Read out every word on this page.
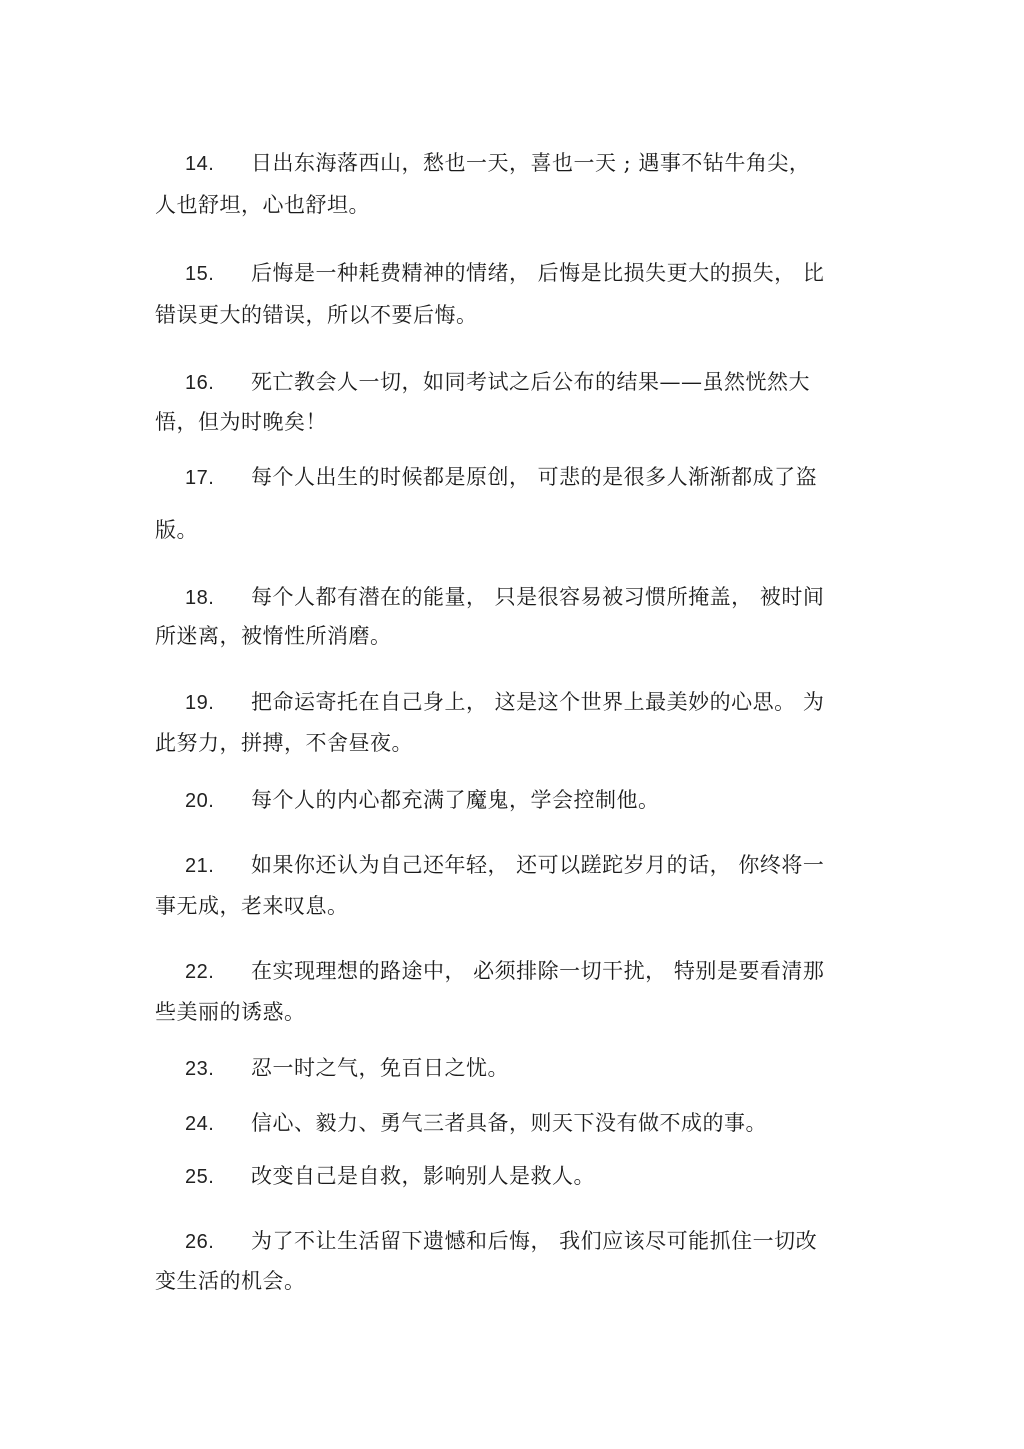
14. 日出东海落西山，愁也一天，喜也一天 ; 遇事不钻牛角尖，
人也舒坦，心也舒坦。
15. 后悔是一种耗费精神的情绪， 后悔是比损失更大的损失， 比
错误更大的错误，所以不要后悔。
16. 死亡教会人一切，如同考试之后公布的结果——虽然恍然大
悟，但为时晚矣！
17. 每个人出生的时候都是原创， 可悲的是很多人渐渐都成了盗
版。
18. 每个人都有潜在的能量， 只是很容易被习惯所掩盖， 被时间
所迷离，被惰性所消磨。
19. 把命运寄托在自己身上， 这是这个世界上最美妙的心思。 为
此努力，拼搏，不舍昼夜。
20. 每个人的内心都充满了魔鬼，学会控制他。
21. 如果你还认为自己还年轻， 还可以蹉跎岁月的话， 你终将一
事无成，老来叹息。
22. 在实现理想的路途中， 必须排除一切干扰， 特别是要看清那
些美丽的诱惑。
23. 忍一时之气，免百日之忧。
24. 信心、毅力、勇气三者具备，则天下没有做不成的事。
25. 改变自己是自救，影响别人是救人。
26. 为了不让生活留下遗憾和后悔， 我们应该尽可能抓住一切改
变生活的机会。
